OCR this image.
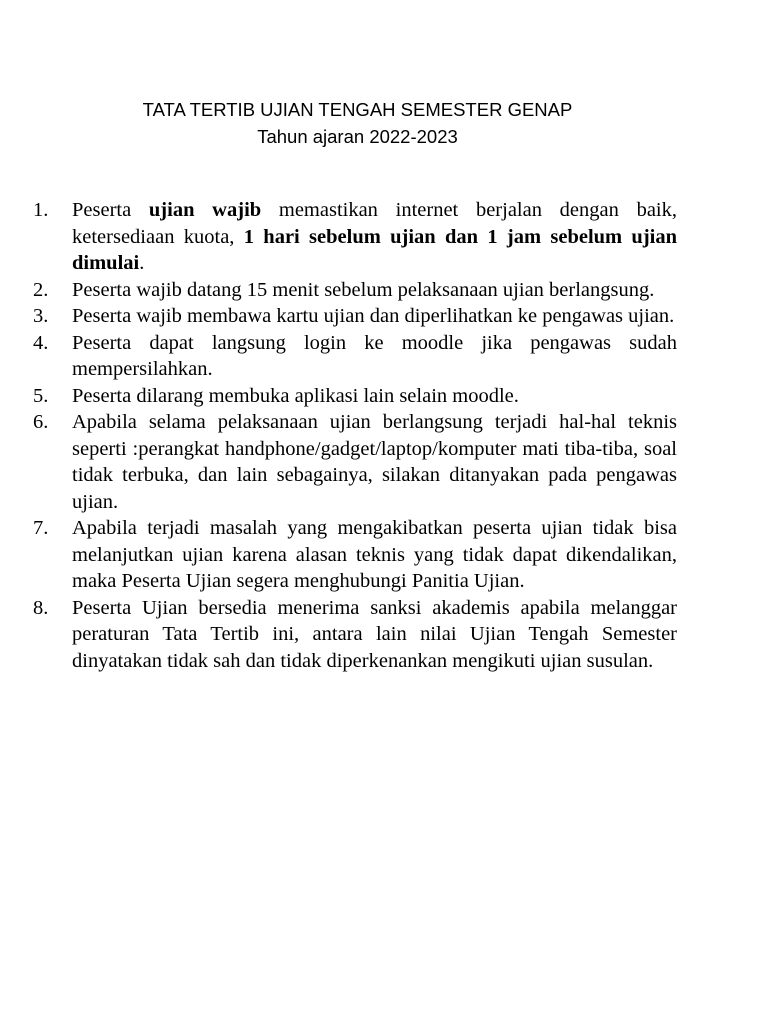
TATA TERTIB UJIAN TENGAH SEMESTER GENAP
Tahun ajaran 2022-2023
1. Peserta ujian wajib memastikan internet berjalan dengan baik, ketersediaan kuota, 1 hari sebelum ujian dan 1 jam sebelum ujian dimulai.
2. Peserta wajib datang 15 menit sebelum pelaksanaan ujian berlangsung.
3. Peserta wajib membawa kartu ujian dan diperlihatkan ke pengawas ujian.
4. Peserta dapat langsung login ke moodle jika pengawas sudah mempersilahkan.
5. Peserta dilarang membuka aplikasi lain selain moodle.
6. Apabila selama pelaksanaan ujian berlangsung terjadi hal-hal teknis seperti :perangkat handphone/gadget/laptop/komputer mati tiba-tiba, soal tidak terbuka, dan lain sebagainya, silakan ditanyakan pada pengawas ujian.
7. Apabila terjadi masalah yang mengakibatkan peserta ujian tidak bisa melanjutkan ujian karena alasan teknis yang tidak dapat dikendalikan, maka Peserta Ujian segera menghubungi Panitia Ujian.
8. Peserta Ujian bersedia menerima sanksi akademis apabila melanggar peraturan Tata Tertib ini, antara lain nilai Ujian Tengah Semester dinyatakan tidak sah dan tidak diperkenankan mengikuti ujian susulan.
